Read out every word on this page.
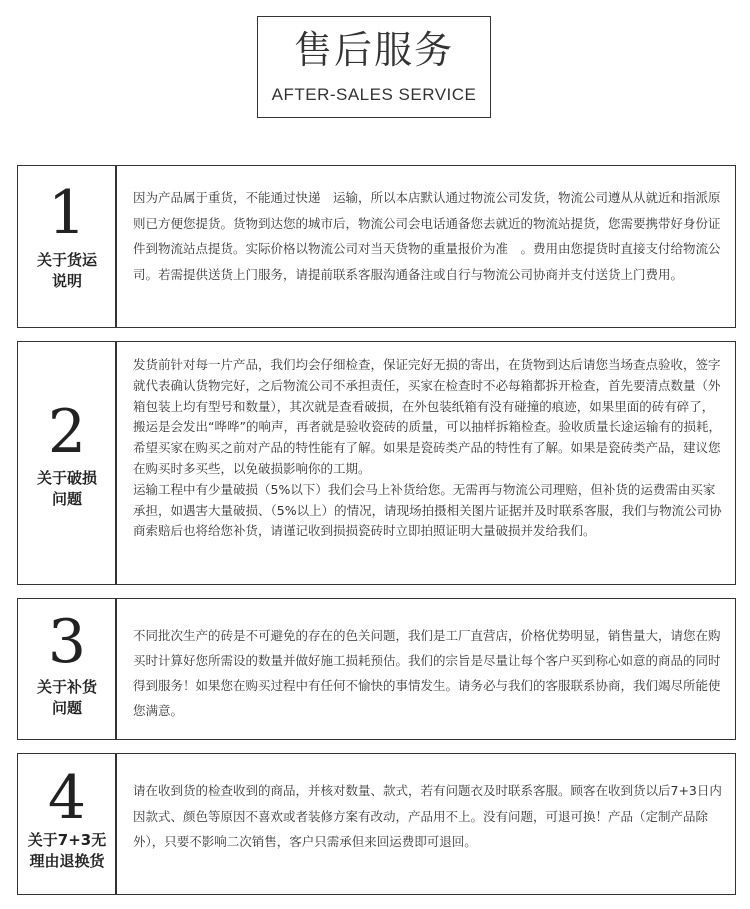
售后服务
AFTER-SALES SERVICE
1
关于货运
说明

因为产品属于重货，不能通过快递　运输，所以本店默认通过物流公司发货，物流公司遵从从就近和指派原则已方便您提货。货物到达您的城市后，物流公司会电话通备您去就近的物流站提货，您需要携带好身份证件到物流站点提货。实际价格以物流公司对当天货物的重量报价为准　。费用由您提货时直接支付给物流公司。若需提供送货上门服务，请提前联系客服沟通备注或自行与物流公司协商并支付送货上门费用。

2
关于破损
问题

发货前针对每一片产品，我们均会仔细检查，保证完好无损的寄出，在货物到达后请您当场查点验收，签字就代表确认货物完好，之后物流公司不承担责任，买家在检查时不必每箱都拆开检查，首先要清点数量（外箱包装上均有型号和数量），其次就是查看破损，在外包装纸箱有没有碰撞的痕迹，如果里面的砖有碎了，搬运是会发出“哗哗”的响声，再者就是验收瓷砖的质量，可以抽样拆箱检查。验收质量长途运输有的损耗，希望买家在购买之前对产品的特性能有了解。如果是瓷砖类产品的特性有了解。如果是瓷砖类产品，建议您在购买时多买些，以免破损影响你的工期。

运输工程中有少量破损（5%以下）我们会马上补货给您。无需再与物流公司理赔，但补货的运费需由买家承担，如遇害大量破损、（5%以上）的情况，请现场拍摄相关图片证据并及时联系客服，我们与物流公司协商索赔后也将给您补货，请谨记收到损损瓷砖时立即拍照证明大量破损并发给我们。

3
关于补货
问题

不同批次生产的砖是不可避免的存在的色关问题，我们是工厂直营店，价格优势明显，销售量大，请您在购买时计算好您所需设的数量并做好施工损耗预估。我们的宗旨是尽量让每个客户买到称心如意的商品的同时得到服务！如果您在购买过程中有任何不愉快的事情发生。请务必与我们的客服联系协商，我们竭尽所能使您满意。

4
关于7+3无
理由退换货

请在收到货的检查收到的商品，并核对数量、款式，若有问题衣及时联系客服。顾客在收到货以后7+3日内因款式、颜色等原因不喜欢或者装修方案有改动，产品用不上。没有问题，可退可换！产品（定制产品除外），只要不影响二次销售，客户只需承但来回运费即可退回。
